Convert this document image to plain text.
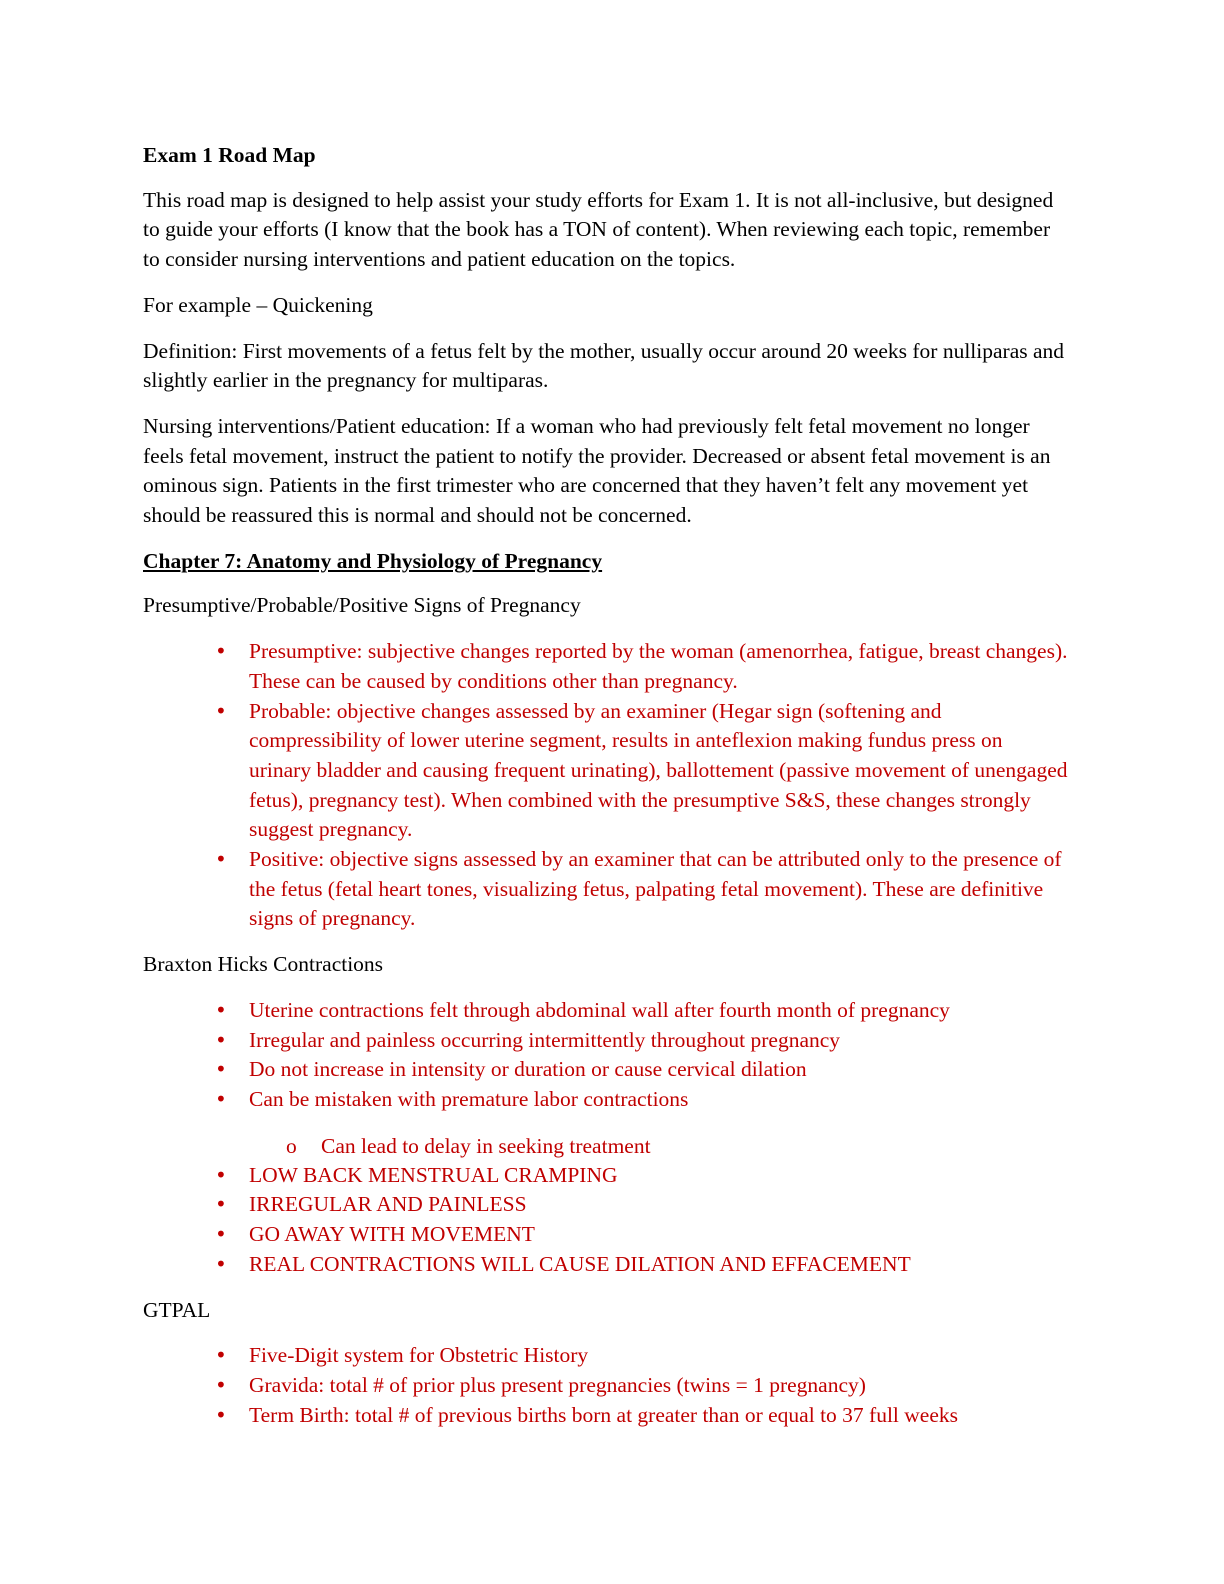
Exam 1 Road Map

This road map is designed to help assist your study efforts for Exam 1. It is not all-inclusive, but designed to guide your efforts (I know that the book has a TON of content). When reviewing each topic, remember to consider nursing interventions and patient education on the topics.

For example – Quickening

Definition: First movements of a fetus felt by the mother, usually occur around 20 weeks for nulliparas and slightly earlier in the pregnancy for multiparas.

Nursing interventions/Patient education: If a woman who had previously felt fetal movement no longer feels fetal movement, instruct the patient to notify the provider. Decreased or absent fetal movement is an ominous sign. Patients in the first trimester who are concerned that they haven’t felt any movement yet should be reassured this is normal and should not be concerned.

Chapter 7: Anatomy and Physiology of Pregnancy

Presumptive/Probable/Positive Signs of Pregnancy

• Presumptive: subjective changes reported by the woman (amenorrhea, fatigue, breast changes). These can be caused by conditions other than pregnancy.
• Probable: objective changes assessed by an examiner (Hegar sign (softening and compressibility of lower uterine segment, results in anteflexion making fundus press on urinary bladder and causing frequent urinating), ballottement (passive movement of unengaged fetus), pregnancy test). When combined with the presumptive S&S, these changes strongly suggest pregnancy.
• Positive: objective signs assessed by an examiner that can be attributed only to the presence of the fetus (fetal heart tones, visualizing fetus, palpating fetal movement). These are definitive signs of pregnancy.

Braxton Hicks Contractions

• Uterine contractions felt through abdominal wall after fourth month of pregnancy
• Irregular and painless occurring intermittently throughout pregnancy
• Do not increase in intensity or duration or cause cervical dilation
• Can be mistaken with premature labor contractions
o Can lead to delay in seeking treatment
• LOW BACK MENSTRUAL CRAMPING
• IRREGULAR AND PAINLESS
• GO AWAY WITH MOVEMENT
• REAL CONTRACTIONS WILL CAUSE DILATION AND EFFACEMENT

GTPAL

• Five-Digit system for Obstetric History
• Gravida: total # of prior plus present pregnancies (twins = 1 pregnancy)
• Term Birth: total # of previous births born at greater than or equal to 37 full weeks
